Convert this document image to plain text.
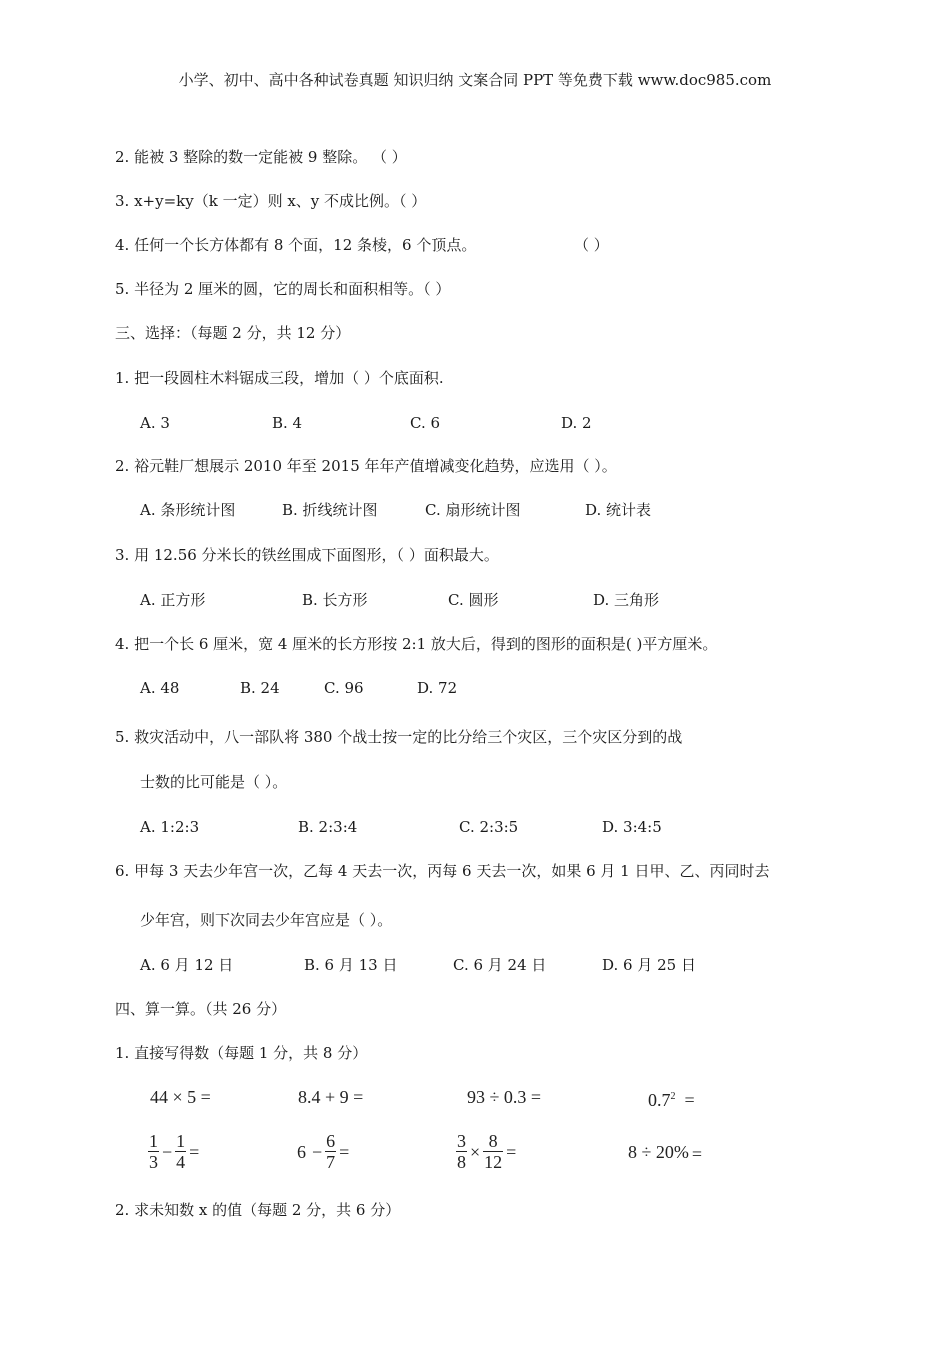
小学、初中、高中各种试卷真题 知识归纳 文案合同 PPT 等免费下载 www.doc985.com
2. 能被 3 整除的数一定能被 9 整除。 （ ）
3. x+y=ky（k 一定）则 x、y 不成比例。（ ）
4. 任何一个长方体都有 8 个面，12 条棱，6 个顶点。	（ ）
5. 半径为 2 厘米的圆，它的周长和面积相等。（ ）
三、选择：（每题 2 分，共 12 分）
1. 把一段圆柱木料锯成三段，增加（ ）个底面积.
A. 3	B. 4	C. 6	D. 2
2. 裕元鞋厂想展示 2010 年至 2015 年年产值增减变化趋势，应选用（ ）。
A. 条形统计图	B. 折线统计图	C. 扇形统计图	D. 统计表
3. 用 12.56 分米长的铁丝围成下面图形，（ ）面积最大。
A. 正方形	B. 长方形	C. 圆形	D. 三角形
4. 把一个长 6 厘米，宽 4 厘米的长方形按 2:1 放大后，得到的图形的面积是( )平方厘米。
A. 48	B. 24	C. 96	D. 72
5. 救灾活动中，八一部队将 380 个战士按一定的比分给三个灾区，三个灾区分到的战
士数的比可能是（ ）。
A. 1:2:3	B. 2:3:4	C. 2:3:5	D. 3:4:5
6. 甲每 3 天去少年宫一次，乙每 4 天去一次，丙每 6 天去一次，如果 6 月 1 日甲、乙、丙同时去
少年宫，则下次同去少年宫应是（ ）。
A. 6 月 12 日	B. 6 月 13 日	C. 6 月 24 日	D. 6 月 25 日
四、算一算。（共 26 分）
1. 直接写得数（每题 1 分，共 8 分）
44 × 5 =	8.4 + 9 =	93 ÷ 0.3 =	$0.7^2$ =
$\frac{1}{3} - \frac{1}{4}$ =	$6 - \frac{6}{7}$ =	$\frac{3}{8} \times \frac{8}{12}$ =	8 ÷ 20% =
2. 求未知数 x 的值（每题 2 分，共 6 分）
